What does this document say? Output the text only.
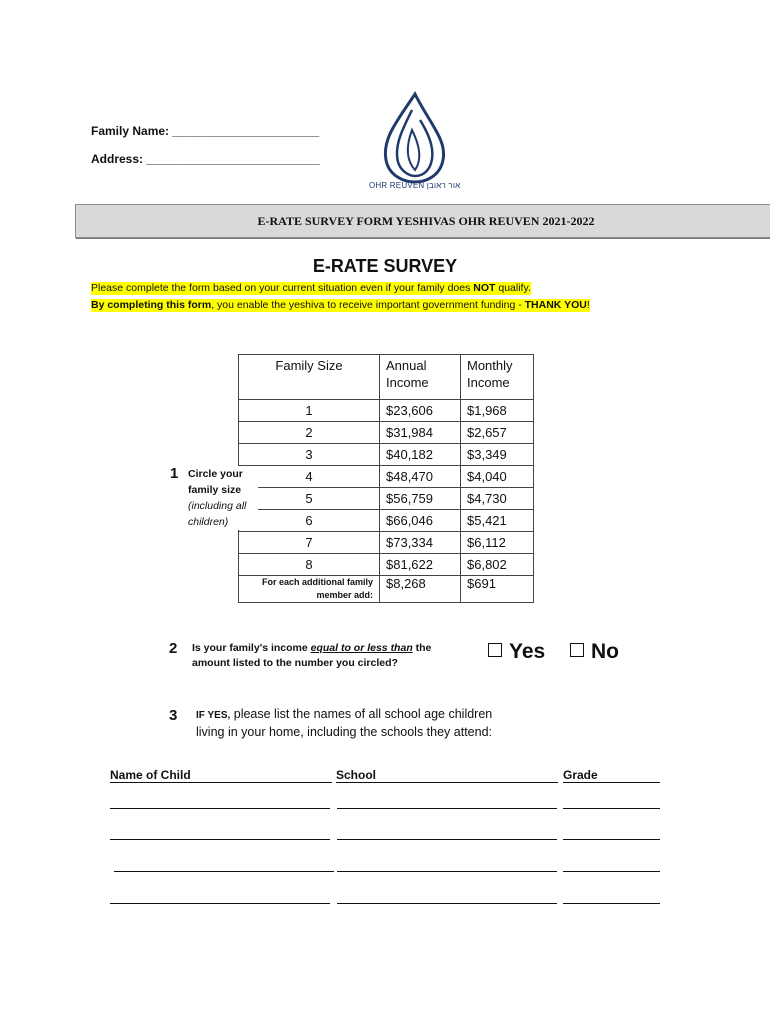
Family Name: ______________________
Address: __________________________
OHR REUVEN אור ראובן
E-RATE SURVEY FORM YESHIVAS OHR REUVEN 2021-2022
E-RATE SURVEY
Please complete the form based on your current situation even if your family does NOT qualify.
By completing this form, you enable the yeshiva to receive important government funding - THANK YOU!
Family Size	Annual Income	Monthly Income
1	$23,606	$1,968
2	$31,984	$2,657
3	$40,182	$3,349
4	$48,470	$4,040
5	$56,759	$4,730
6	$66,046	$5,421
7	$73,334	$6,112
8	$81,622	$6,802
For each additional family member add:	$8,268	$691
1 Circle your family size
(including all children)
2 Is your family's income equal to or less than the amount listed to the number you circled?	Yes	No
3 IF YES, please list the names of all school age children living in your home, including the schools they attend:
Name of Child	School	Grade
